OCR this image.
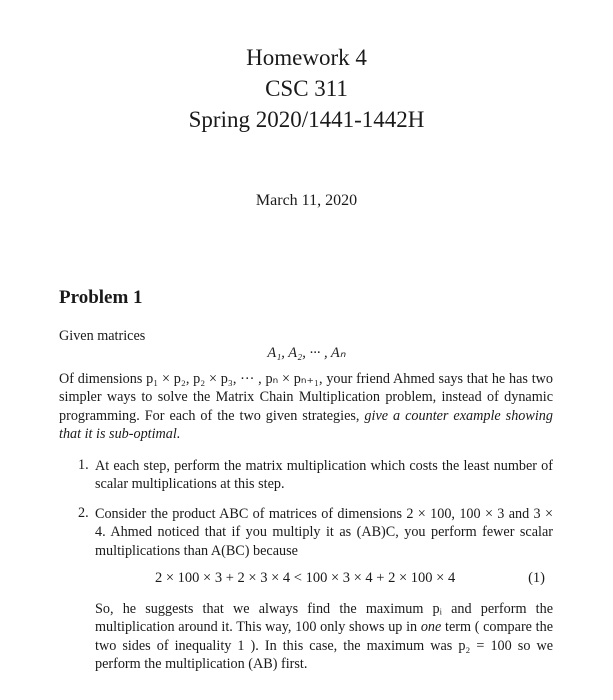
Homework 4
CSC 311
Spring 2020/1441-1442H
March 11, 2020
Problem 1
Given matrices
A₁, A₂, ··· , Aₙ
Of dimensions p₁ × p₂, p₂ × p₃, ··· , pₙ × pₙ₊₁, your friend Ahmed says that he has two simpler ways to solve the Matrix Chain Multiplication problem, instead of dynamic programming. For each of the two given strategies, give a counter example showing that it is sub-optimal.
1. At each step, perform the matrix multiplication which costs the least number of scalar multiplications at this step.
2. Consider the product ABC of matrices of dimensions 2 × 100, 100 × 3 and 3 × 4. Ahmed noticed that if you multiply it as (AB)C, you perform fewer scalar multiplications than A(BC) because
2 × 100 × 3 + 2 × 3 × 4 < 100 × 3 × 4 + 2 × 100 × 4	(1)
So, he suggests that we always find the maximum pᵢ and perform the multiplication around it. This way, 100 only shows up in one term ( compare the two sides of inequality 1 ). In this case, the maximum was p₂ = 100 so we perform the multiplication (AB) first.
